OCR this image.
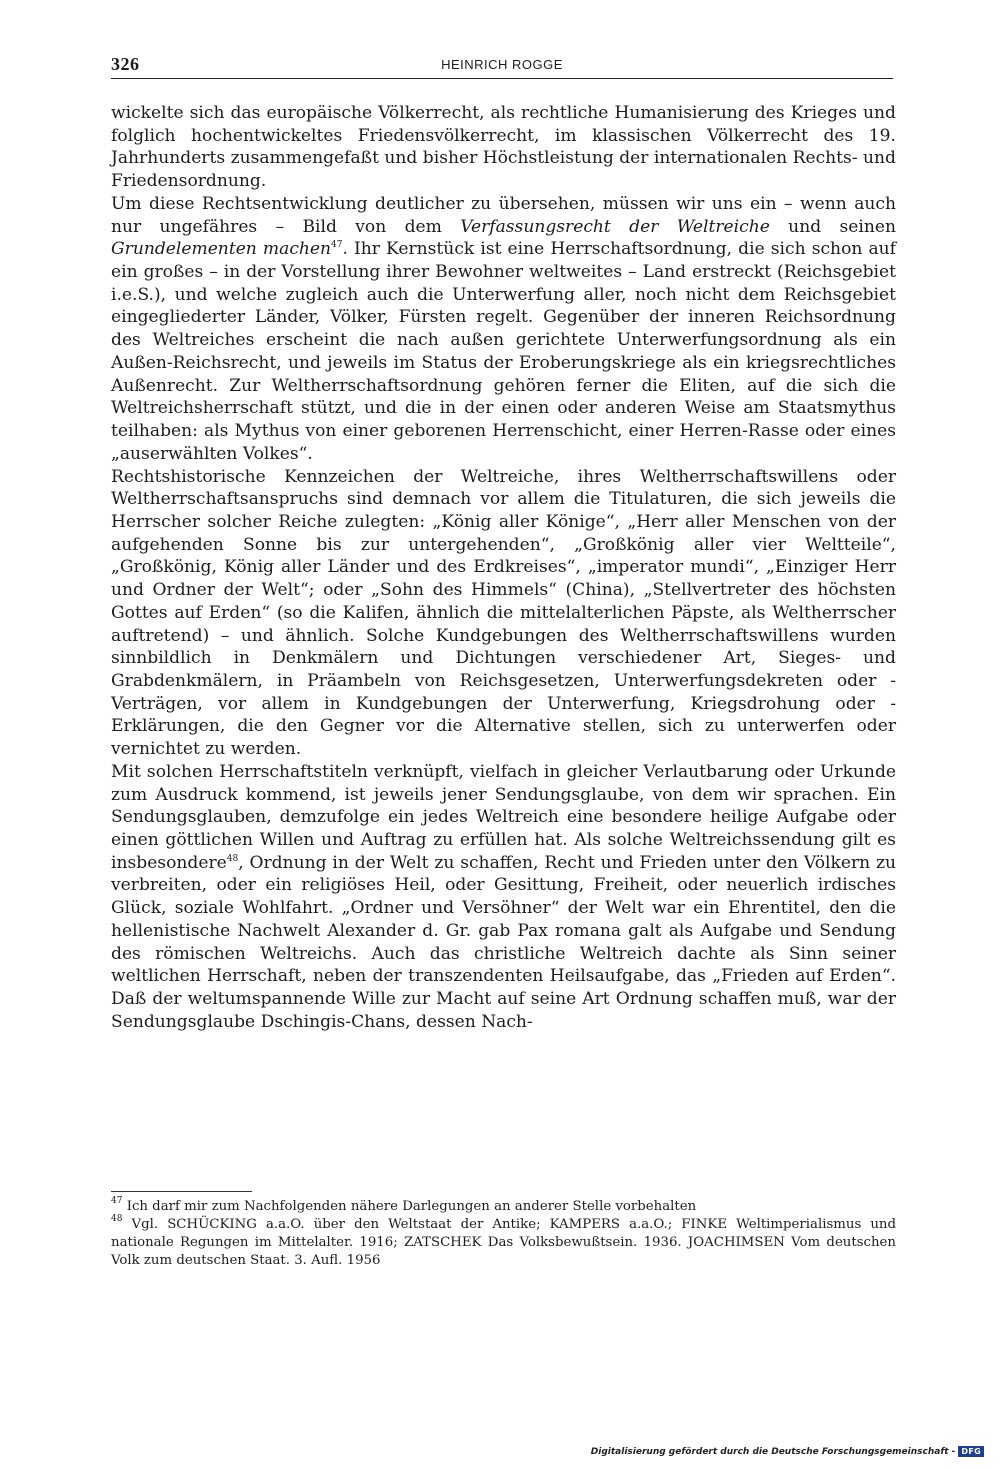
326	HEINRICH ROGGE

wickelte sich das europäische Völkerrecht, als rechtliche Humanisierung des Krieges und folglich hochentwickeltes Friedensvölkerrecht, im klassischen Völkerrecht des 19. Jahrhunderts zusammengefaßt und bisher Höchstleistung der internationalen Rechts- und Friedensordnung.

Um diese Rechtsentwicklung deutlicher zu übersehen, müssen wir uns ein – wenn auch nur ungefähres – Bild von dem Verfassungsrecht der Weltreiche und seinen Grundelementen machen$^{47}$. Ihr Kernstück ist eine Herrschaftsordnung, die sich schon auf ein großes – in der Vorstellung ihrer Bewohner weltweites – Land erstreckt (Reichsgebiet i.e.S.), und welche zugleich auch die Unterwerfung aller, noch nicht dem Reichsgebiet eingegliederter Länder, Völker, Fürsten regelt. Gegenüber der inneren Reichsordnung des Weltreiches erscheint die nach außen gerichtete Unterwerfungsordnung als ein Außen-Reichsrecht, und jeweils im Status der Eroberungskriege als ein kriegsrechtliches Außenrecht. Zur Weltherrschaftsordnung gehören ferner die Eliten, auf die sich die Weltreichsherrschaft stützt, und die in der einen oder anderen Weise am Staatsmythus teilhaben: als Mythus von einer geborenen Herrenschicht, einer Herren-Rasse oder eines „auserwählten Volkes“.

Rechtshistorische Kennzeichen der Weltreiche, ihres Weltherrschaftswillens oder Weltherrschaftsanspruchs sind demnach vor allem die Titulaturen, die sich jeweils die Herrscher solcher Reiche zulegten: „König aller Könige“, „Herr aller Menschen von der aufgehenden Sonne bis zur untergehenden“, „Großkönig aller vier Weltteile“, „Großkönig, König aller Länder und des Erdkreises“, „imperator mundi“, „Einziger Herr und Ordner der Welt“; oder „Sohn des Himmels“ (China), „Stellvertreter des höchsten Gottes auf Erden“ (so die Kalifen, ähnlich die mittelalterlichen Päpste, als Weltherrscher auftretend) – und ähnlich. Solche Kundgebungen des Weltherrschaftswillens wurden sinnbildlich in Denkmälern und Dichtungen verschiedener Art, Sieges- und Grabdenkmälern, in Präambeln von Reichsgesetzen, Unterwerfungsdekreten oder -Verträgen, vor allem in Kundgebungen der Unterwerfung, Kriegsdrohung oder -Erklärungen, die den Gegner vor die Alternative stellen, sich zu unterwerfen oder vernichtet zu werden.

Mit solchen Herrschaftstiteln verknüpft, vielfach in gleicher Verlautbarung oder Urkunde zum Ausdruck kommend, ist jeweils jener Sendungsglaube, von dem wir sprachen. Ein Sendungsglauben, demzufolge ein jedes Weltreich eine besondere heilige Aufgabe oder einen göttlichen Willen und Auftrag zu erfüllen hat. Als solche Weltreichssendung gilt es insbesondere$^{48}$, Ordnung in der Welt zu schaffen, Recht und Frieden unter den Völkern zu verbreiten, oder ein religiöses Heil, oder Gesittung, Freiheit, oder neuerlich irdisches Glück, soziale Wohlfahrt. „Ordner und Versöhner“ der Welt war ein Ehrentitel, den die hellenistische Nachwelt Alexander d. Gr. gab Pax romana galt als Aufgabe und Sendung des römischen Weltreichs. Auch das christliche Weltreich dachte als Sinn seiner weltlichen Herrschaft, neben der transzendenten Heilsaufgabe, das „Frieden auf Erden“. Daß der weltumspannende Wille zur Macht auf seine Art Ordnung schaffen muß, war der Sendungsglaube Dschingis-Chans, dessen Nach-

$^{47}$ Ich darf mir zum Nachfolgenden nähere Darlegungen an anderer Stelle vorbehalten

$^{48}$ Vgl. SCHÜCKING a.a.O. über den Weltstaat der Antike; KAMPERS a.a.O.; FINKE Weltimperialismus und nationale Regungen im Mittelalter. 1916; ZATSCHEK Das Volksbewußtsein. 1936. JOACHIMSEN Vom deutschen Volk zum deutschen Staat. 3. Aufl. 1956

Digitalisierung gefördert durch die Deutsche Forschungsgemeinschaft - DFG
